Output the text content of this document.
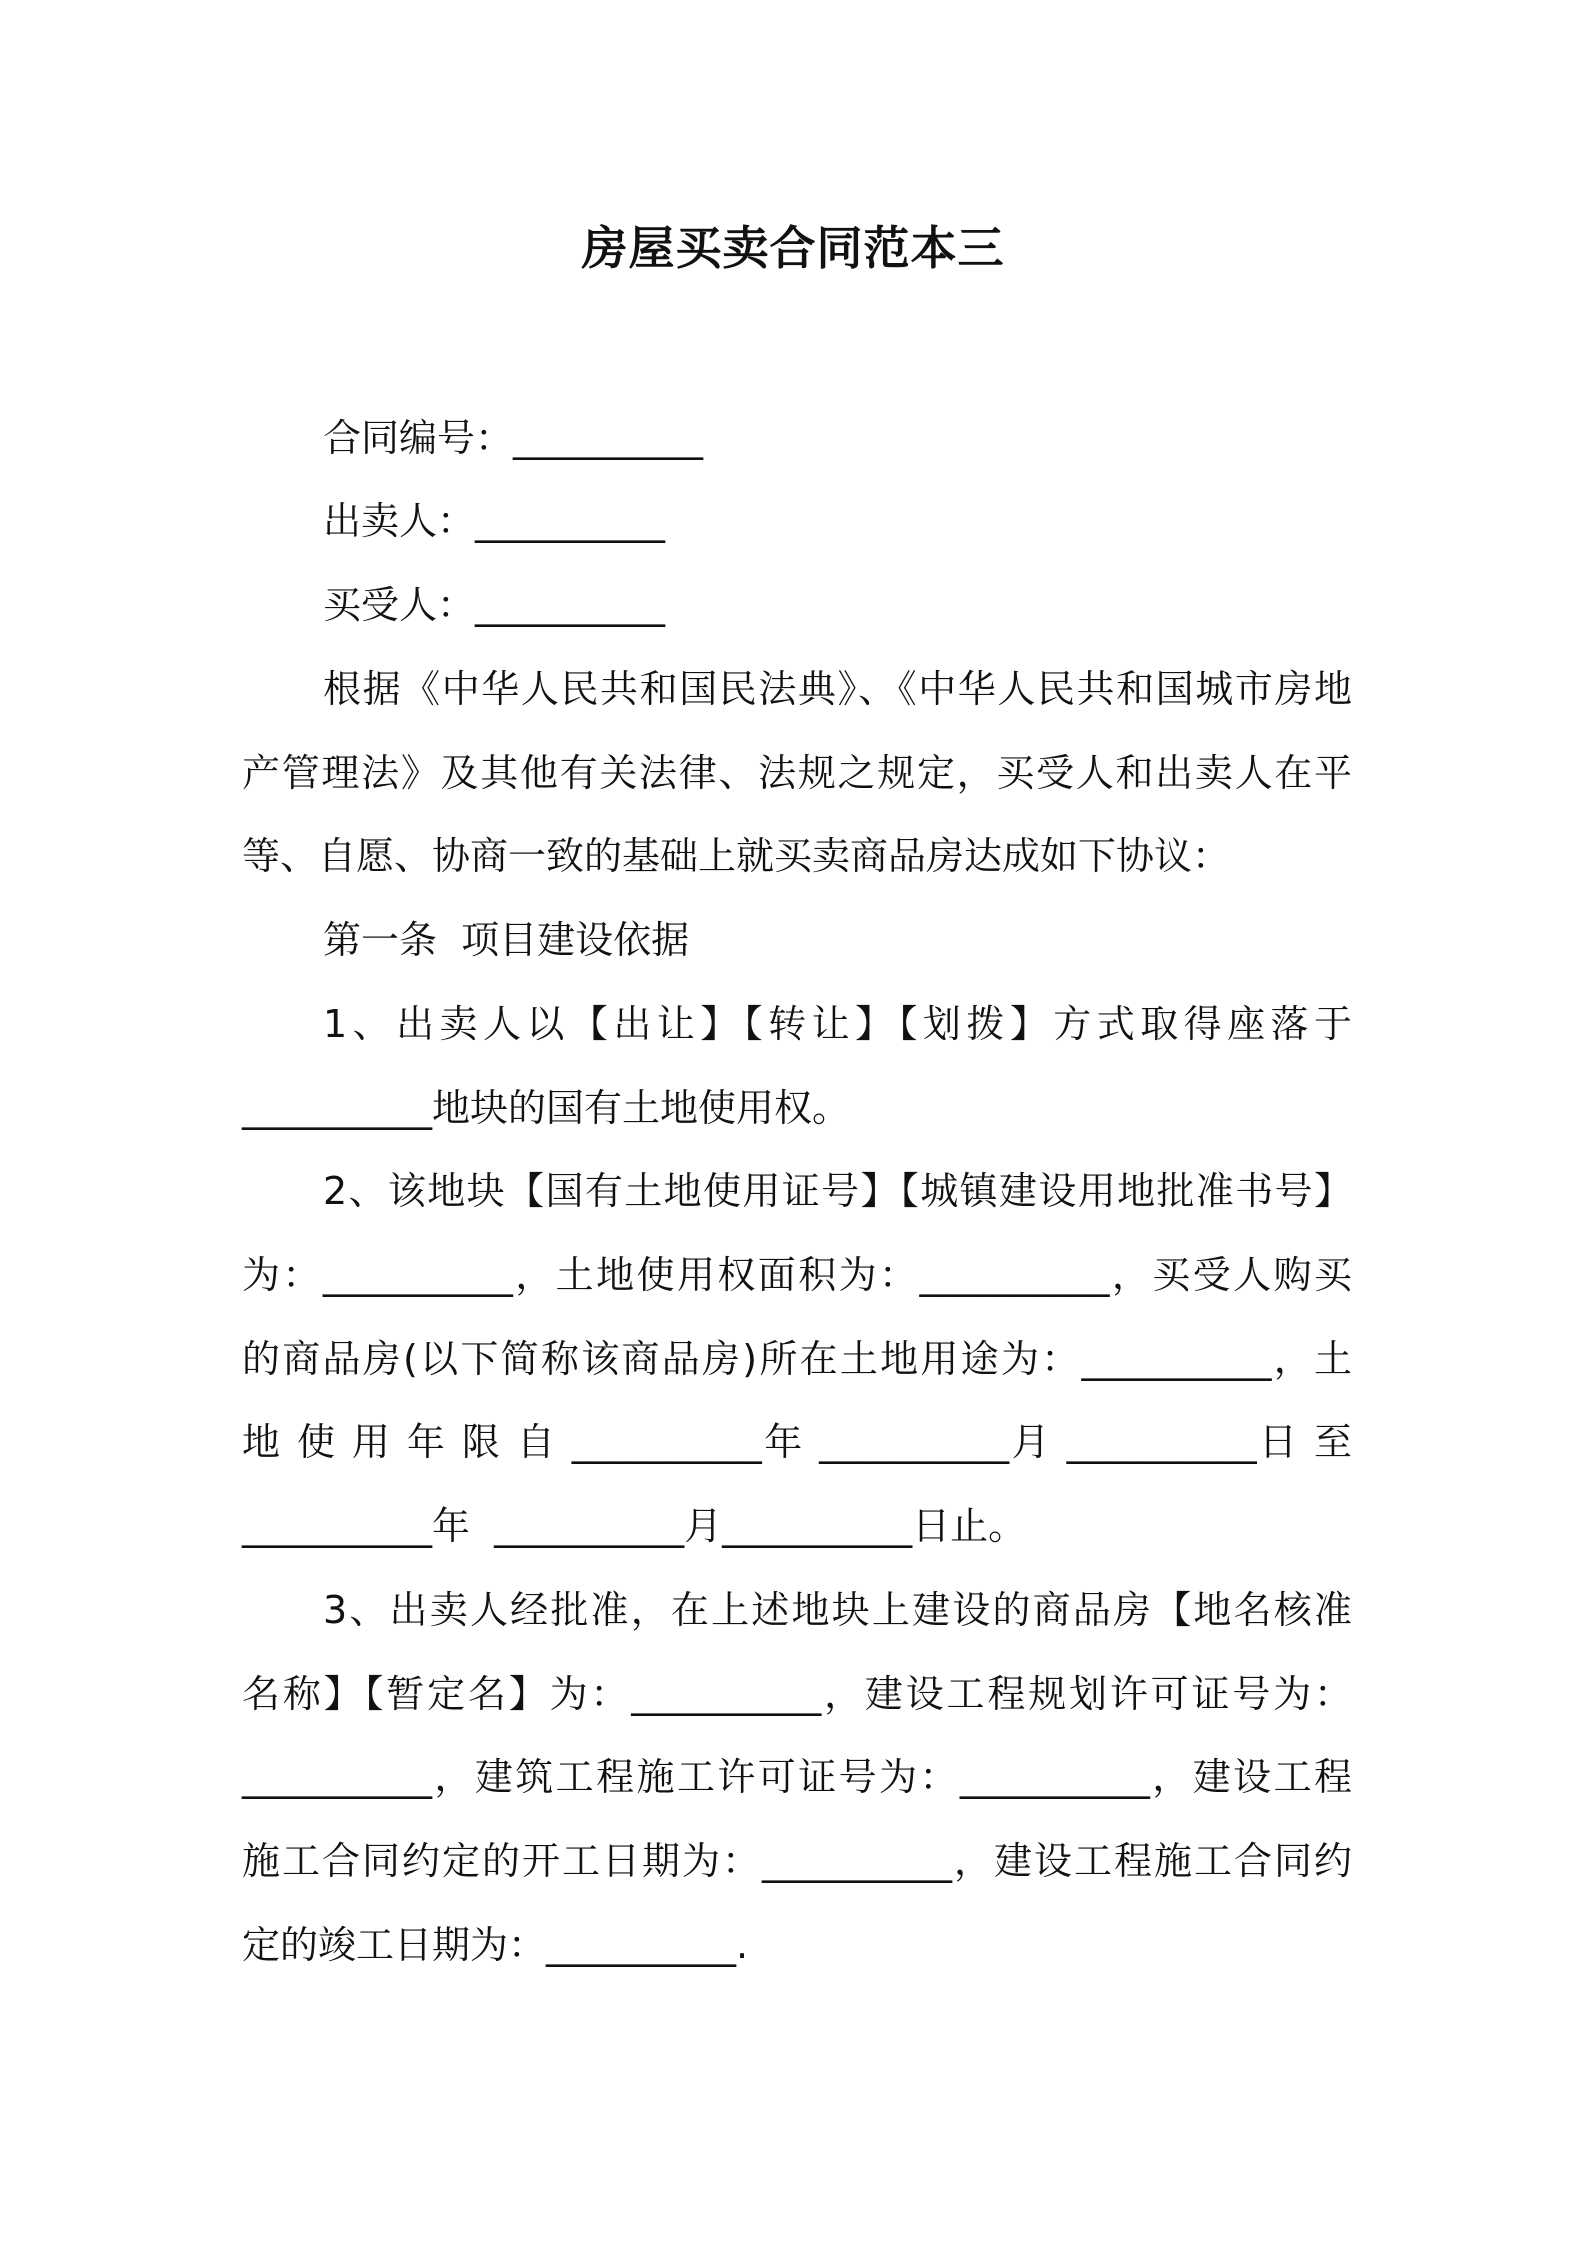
房屋买卖合同范本三

合同编号：__________

出卖人：__________

买受人：__________

根据《中华人民共和国民法典》、《中华人民共和国城市房地

产管理法》及其他有关法律、法规之规定，买受人和出卖人在平

等、自愿、协商一致的基础上就买卖商品房达成如下协议：

第一条  项目建设依据

1、出卖人以【出让】【转让】【划拨】方式取得座落于

__________地块的国有土地使用权。

2、该地块【国有土地使用证号】【城镇建设用地批准书号】

为：__________，土地使用权面积为：__________，买受人购买

的商品房(以下简称该商品房)所在土地用途为：__________，土

地 使 用 年 限 自 __________年 __________月 __________日 至

__________年  __________月__________日止。

3、出卖人经批准，在上述地块上建设的商品房【地名核准

名称】【暂定名】为：__________，建设工程规划许可证号为：

__________，建筑工程施工许可证号为：__________，建设工程

施工合同约定的开工日期为：__________，建设工程施工合同约

定的竣工日期为：__________.
